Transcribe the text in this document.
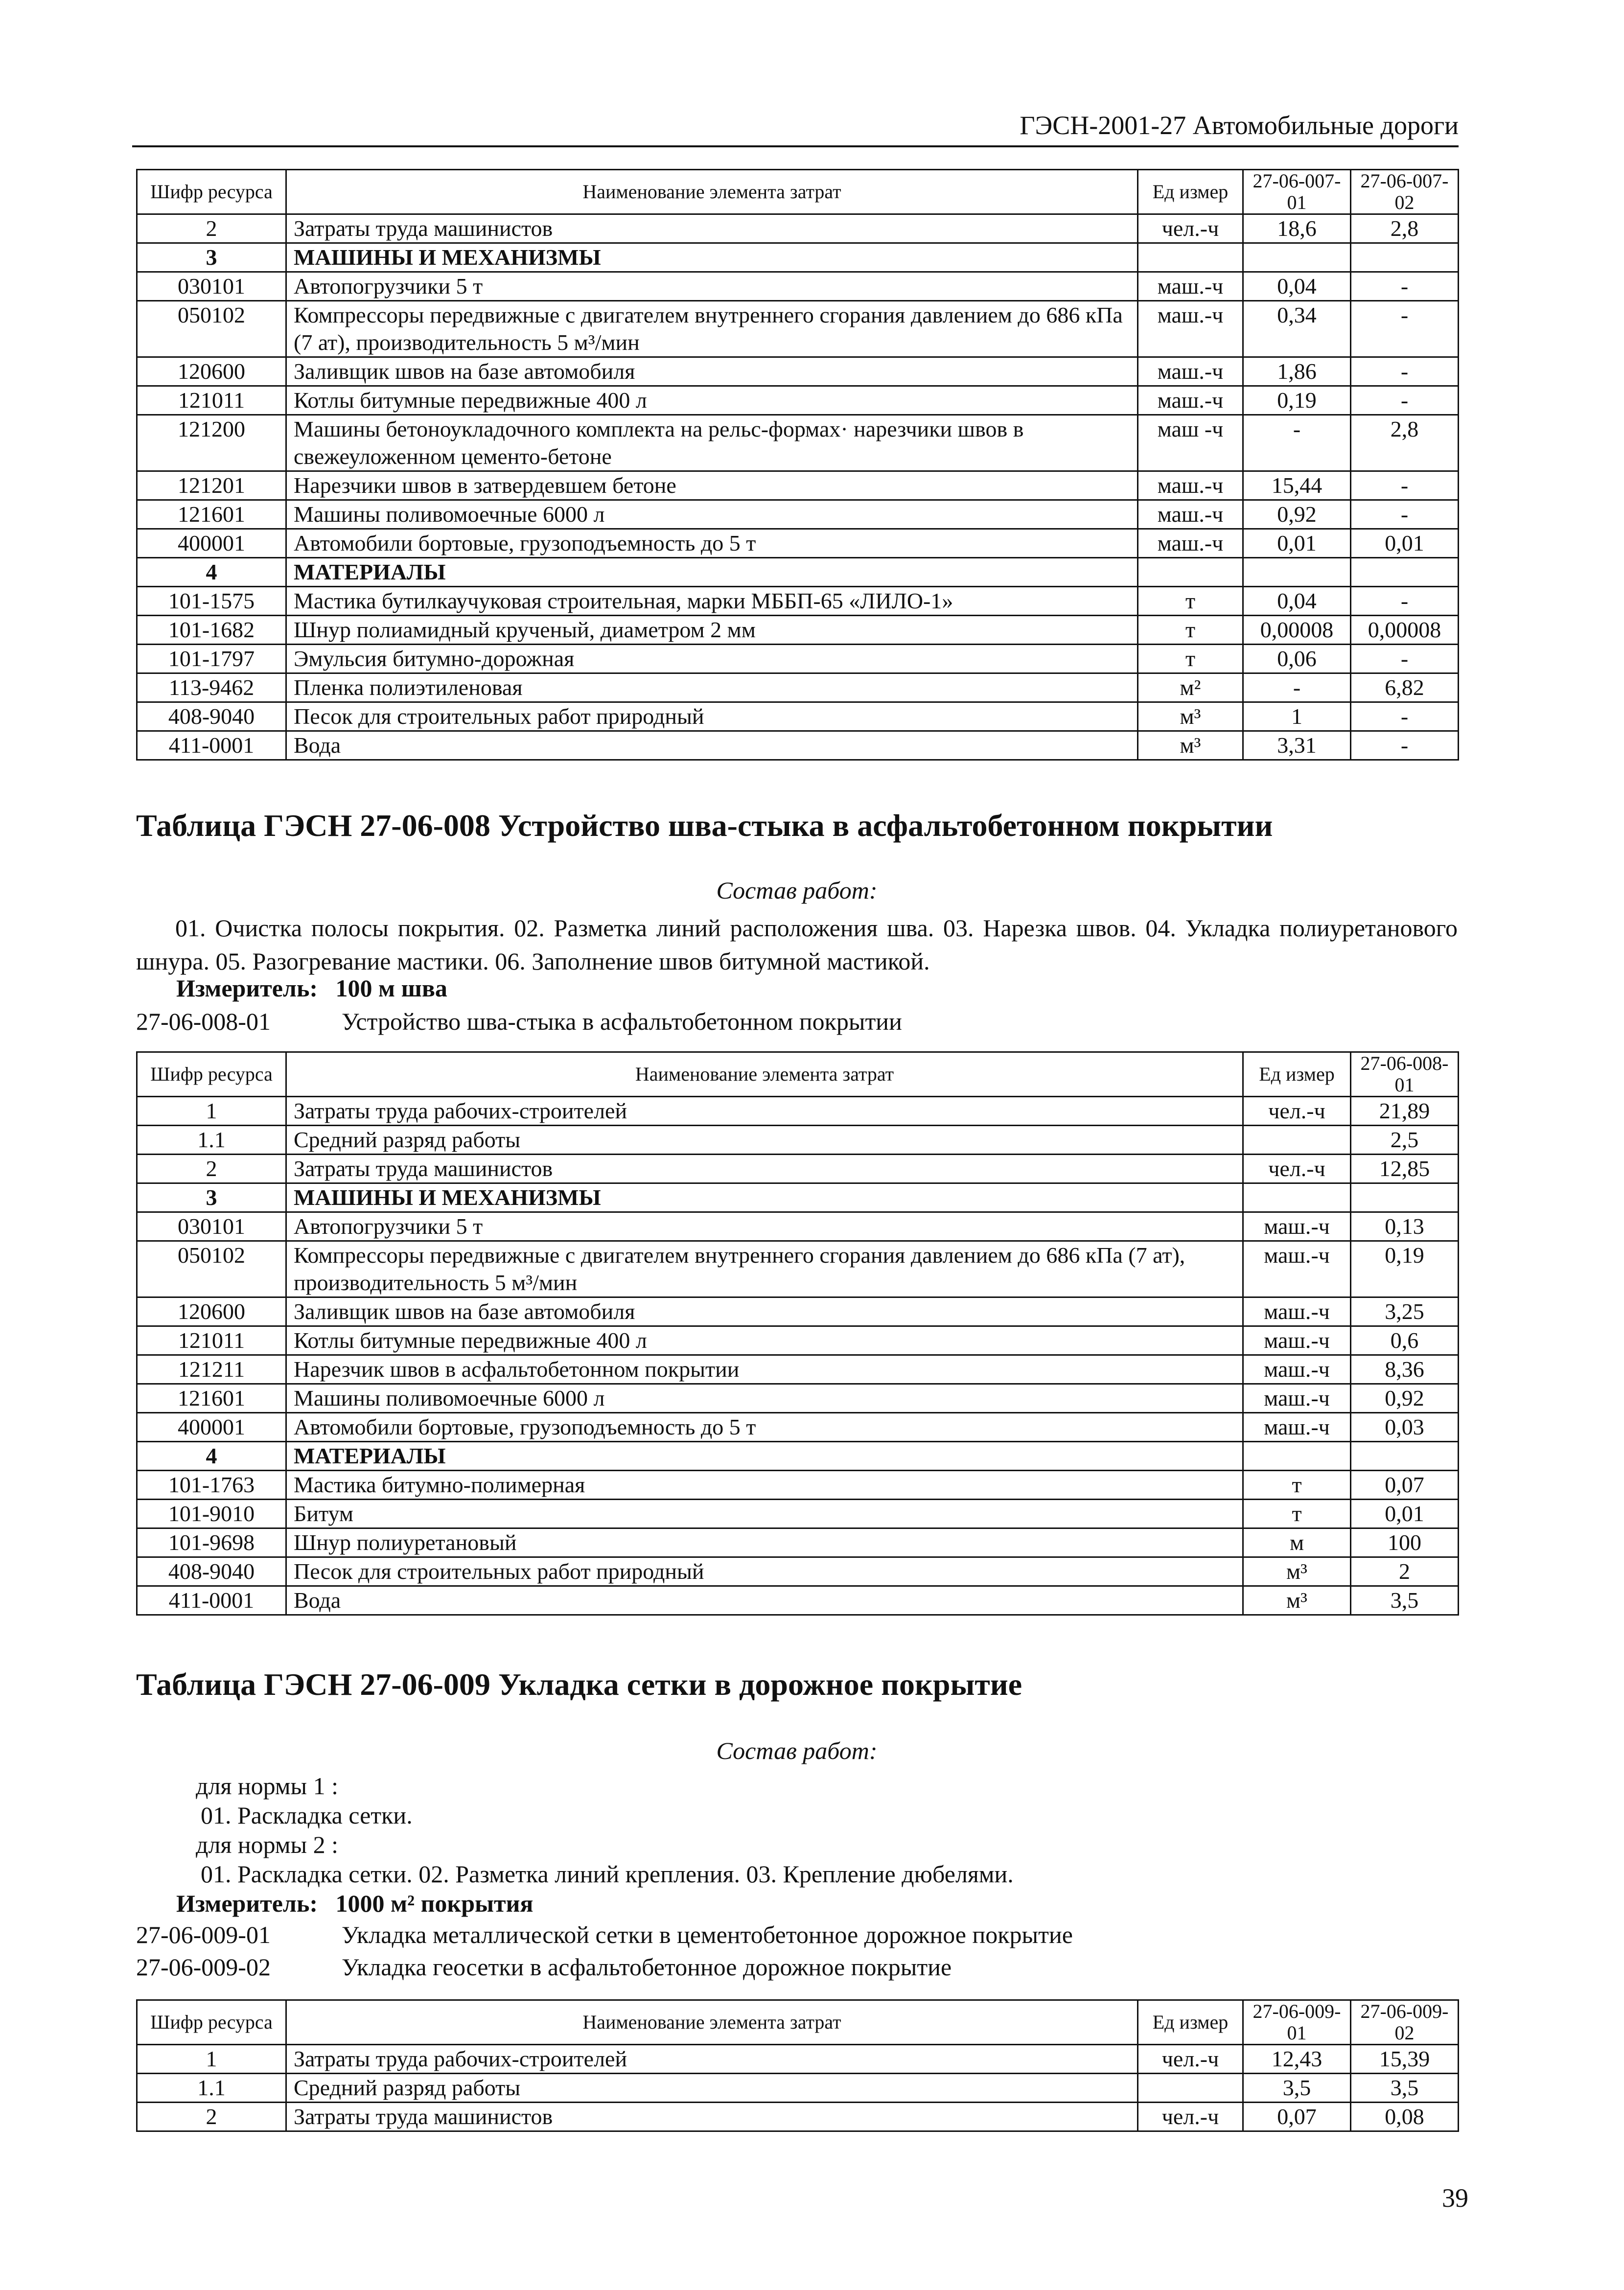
ГЭСН-2001-27 Автомобильные дороги
Шифр ресурса	Наименование элемента затрат	Ед измер	27-06-007-01	27-06-007-02
2	Затраты труда машинистов	чел.-ч	18,6	2,8
3	МАШИНЫ И МЕХАНИЗМЫ			
030101	Автопогрузчики 5 т	маш.-ч	0,04	-
050102	Компрессоры передвижные с двигателем внутреннего сгорания давлением до 686 кПа (7 ат), производительность 5 м³/мин	маш.-ч	0,34	-
120600	Заливщик швов на базе автомобиля	маш.-ч	1,86	-
121011	Котлы битумные передвижные 400 л	маш.-ч	0,19	-
121200	Машины бетоноукладочного комплекта на рельс-формах· нарезчики швов в свежеуложенном цементо-бетоне	маш -ч	-	2,8
121201	Нарезчики швов в затвердевшем бетоне	маш.-ч	15,44	-
121601	Машины поливомоечные 6000 л	маш.-ч	0,92	-
400001	Автомобили бортовые, грузоподъемность до 5 т	маш.-ч	0,01	0,01
4	МАТЕРИАЛЫ			
101-1575	Мастика бутилкаучуковая строительная, марки МББП-65 «ЛИЛО-1»	т	0,04	-
101-1682	Шнур полиамидный крученый, диаметром 2 мм	т	0,00008	0,00008
101-1797	Эмульсия битумно-дорожная	т	0,06	-
113-9462	Пленка полиэтиленовая	м²	-	6,82
408-9040	Песок для строительных работ природный	м³	1	-
411-0001	Вода	м³	3,31	-
Таблица ГЭСН 27-06-008 Устройство шва-стыка в асфальтобетонном покрытии
Состав работ:
01. Очистка полосы покрытия. 02. Разметка линий расположения шва. 03. Нарезка швов. 04. Укладка полиуретанового шнура. 05. Разогревание мастики. 06. Заполнение швов битумной мастикой.
Измеритель: 100 м шва
27-06-008-01	Устройство шва-стыка в асфальтобетонном покрытии
Шифр ресурса	Наименование элемента затрат	Ед измер	27-06-008-01
1	Затраты труда рабочих-строителей	чел.-ч	21,89
1.1	Средний разряд работы		2,5
2	Затраты труда машинистов	чел.-ч	12,85
3	МАШИНЫ И МЕХАНИЗМЫ		
030101	Автопогрузчики 5 т	маш.-ч	0,13
050102	Компрессоры передвижные с двигателем внутреннего сгорания давлением до 686 кПа (7 ат), производительность 5 м³/мин	маш.-ч	0,19
120600	Заливщик швов на базе автомобиля	маш.-ч	3,25
121011	Котлы битумные передвижные 400 л	маш.-ч	0,6
121211	Нарезчик швов в асфальтобетонном покрытии	маш.-ч	8,36
121601	Машины поливомоечные 6000 л	маш.-ч	0,92
400001	Автомобили бортовые, грузоподъемность до 5 т	маш.-ч	0,03
4	МАТЕРИАЛЫ		
101-1763	Мастика битумно-полимерная	т	0,07
101-9010	Битум	т	0,01
101-9698	Шнур полиуретановый	м	100
408-9040	Песок для строительных работ природный	м³	2
411-0001	Вода	м³	3,5
Таблица ГЭСН 27-06-009 Укладка сетки в дорожное покрытие
Состав работ:
для нормы 1 :
01. Раскладка сетки.
для нормы 2 :
01. Раскладка сетки. 02. Разметка линий крепления. 03. Крепление дюбелями.
Измеритель: 1000 м² покрытия
27-06-009-01	Укладка металлической сетки в цементобетонное дорожное покрытие
27-06-009-02	Укладка геосетки в асфальтобетонное дорожное покрытие
Шифр ресурса	Наименование элемента затрат	Ед измер	27-06-009-01	27-06-009-02
1	Затраты труда рабочих-строителей	чел.-ч	12,43	15,39
1.1	Средний разряд работы		3,5	3,5
2	Затраты труда машинистов	чел.-ч	0,07	0,08
39
